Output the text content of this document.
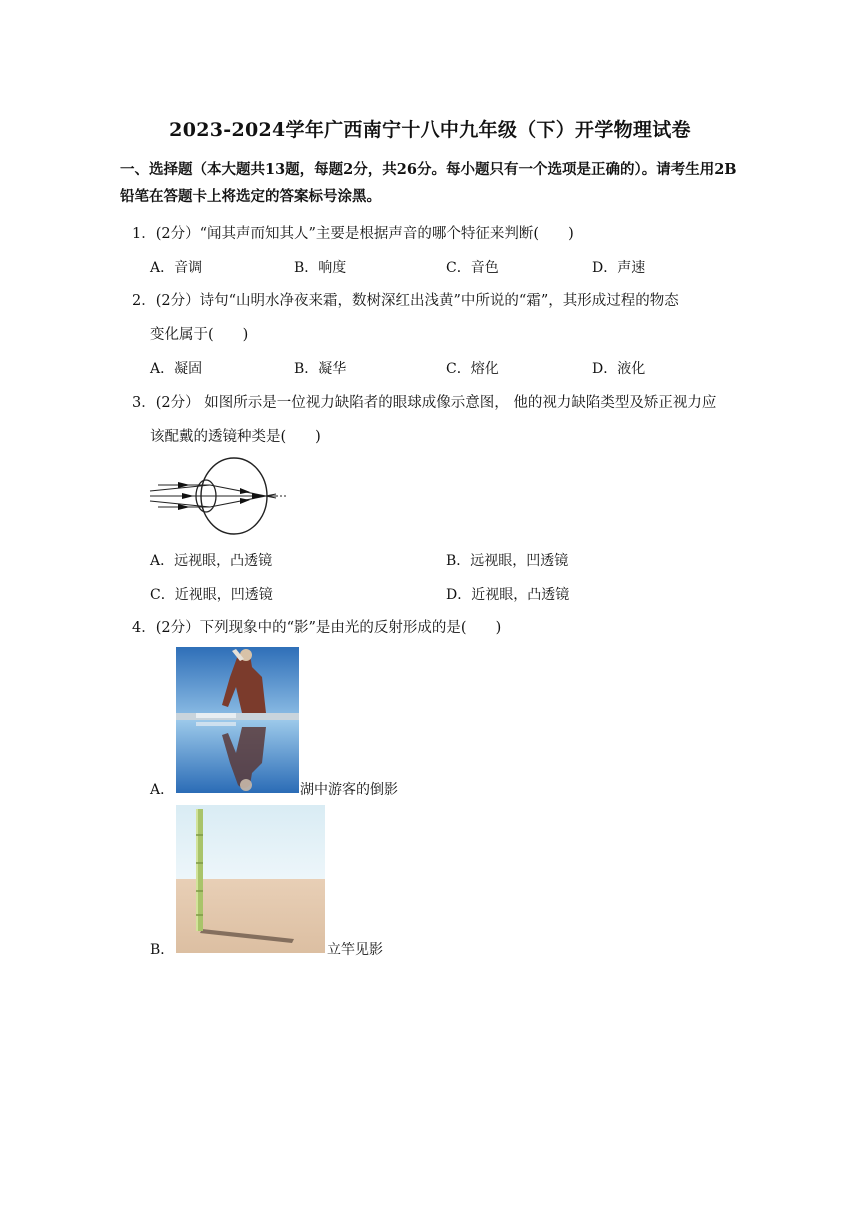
2023-2024学年广西南宁十八中九年级（下）开学物理试卷
一、选择题（本大题共13题，每题2分，共26分。每小题只有一个选项是正确的）。请考生用2B铅笔在答题卡上将选定的答案标号涂黑。
1．(2分）“闻其声而知其人”主要是根据声音的哪个特征来判断(　　)
A．音调	B．响度	C．音色	D．声速
2．(2分）诗句“山明水净夜来霜，数树深红出浅黄”中所说的“霜”，其形成过程的物态
变化属于(　　)
A．凝固	B．凝华	C．熔化	D．液化
3．(2分） 如图所示是一位视力缺陷者的眼球成像示意图， 他的视力缺陷类型及矫正视力应
该配戴的透镜种类是(　　)
A．远视眼，凸透镜	B．远视眼，凹透镜
C．近视眼，凹透镜	D．近视眼，凸透镜
4．(2分）下列现象中的“影”是由光的反射形成的是(　　)
A．	湖中游客的倒影
B．	立竿见影
